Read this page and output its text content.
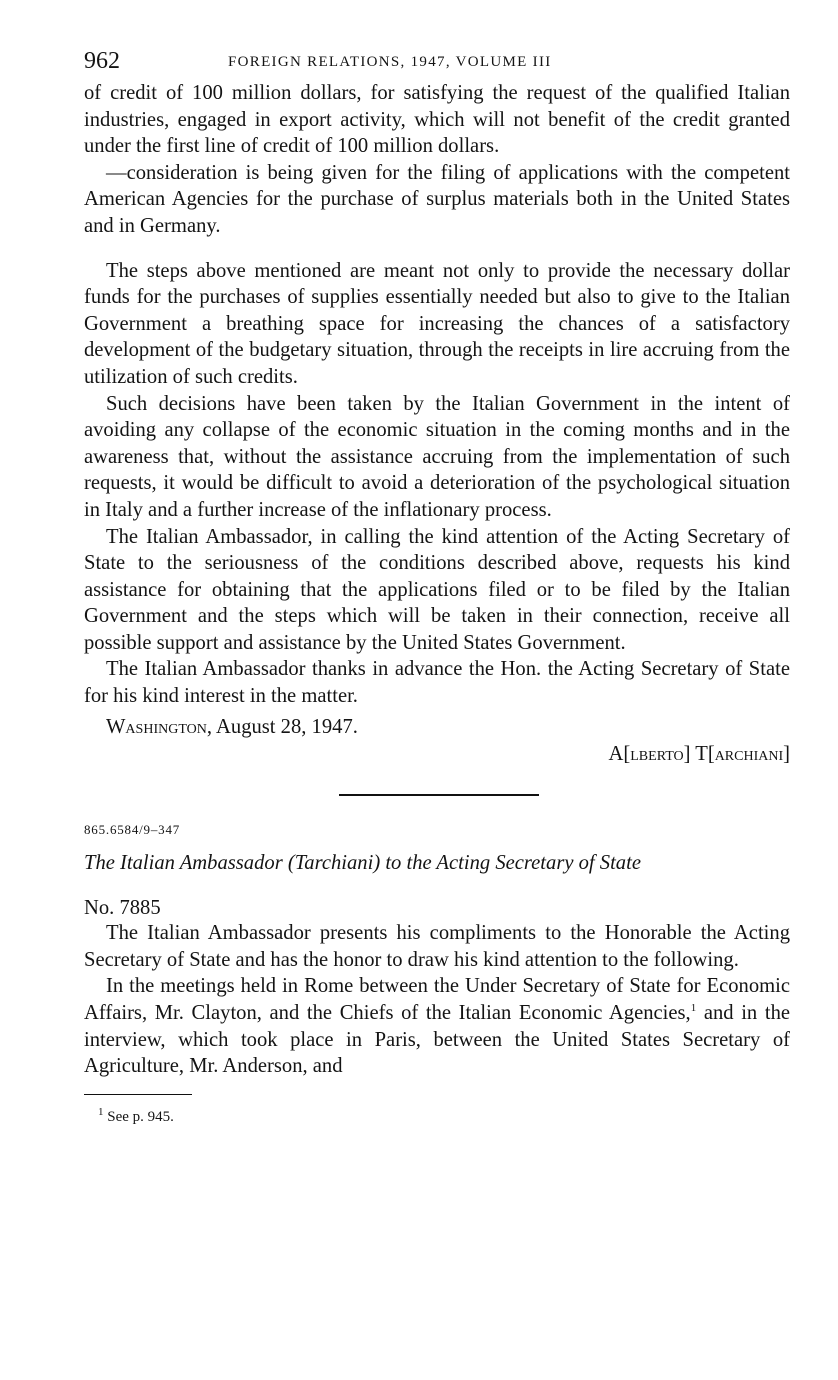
962	FOREIGN RELATIONS, 1947, VOLUME III

of credit of 100 million dollars, for satisfying the request of the qualified Italian industries, engaged in export activity, which will not benefit of the credit granted under the first line of credit of 100 million dollars.

—consideration is being given for the filing of applications with the competent American Agencies for the purchase of surplus materials both in the United States and in Germany.

The steps above mentioned are meant not only to provide the necessary dollar funds for the purchases of supplies essentially needed but also to give to the Italian Government a breathing space for increasing the chances of a satisfactory development of the budgetary situation, through the receipts in lire accruing from the utilization of such credits.

Such decisions have been taken by the Italian Government in the intent of avoiding any collapse of the economic situation in the coming months and in the awareness that, without the assistance accruing from the implementation of such requests, it would be difficult to avoid a deterioration of the psychological situation in Italy and a further increase of the inflationary process.

The Italian Ambassador, in calling the kind attention of the Acting Secretary of State to the seriousness of the conditions described above, requests his kind assistance for obtaining that the applications filed or to be filed by the Italian Government and the steps which will be taken in their connection, receive all possible support and assistance by the United States Government.

The Italian Ambassador thanks in advance the Hon. the Acting Secretary of State for his kind interest in the matter.

Washington, August 28, 1947.

A[lberto] T[archiani]
865.6584/9–347
The Italian Ambassador (Tarchiani) to the Acting Secretary of State
No. 7885

The Italian Ambassador presents his compliments to the Honorable the Acting Secretary of State and has the honor to draw his kind attention to the following.

In the meetings held in Rome between the Under Secretary of State for Economic Affairs, Mr. Clayton, and the Chiefs of the Italian Economic Agencies,$^1$ and in the interview, which took place in Paris, between the United States Secretary of Agriculture, Mr. Anderson, and

$^1$ See p. 945.
